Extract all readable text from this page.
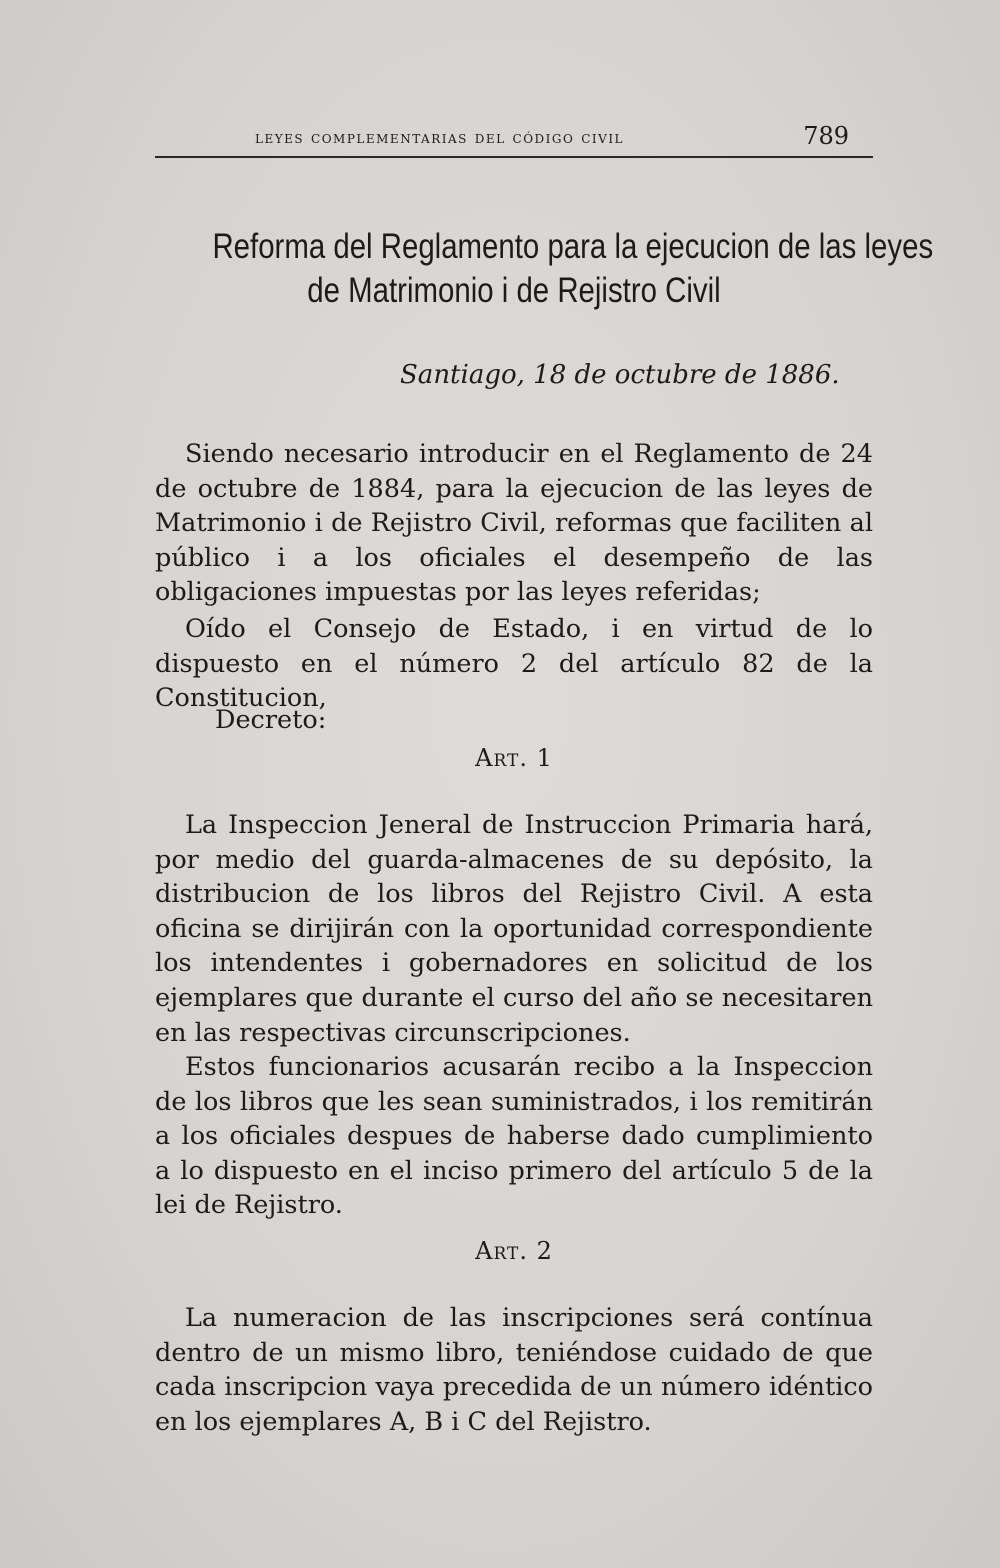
leyes complementarias del código civil	789
Reforma del Reglamento para la ejecucion de las leyes
de Matrimonio i de Rejistro Civil
Santiago, 18 de octubre de 1886.

Siendo necesario introducir en el Reglamento de 24 de octubre de 1884, para la ejecucion de las leyes de Matrimonio i de Rejistro Civil, reformas que faciliten al público i a los oficiales el desempeño de las obligaciones impuestas por las leyes referidas;

Oído el Consejo de Estado, i en virtud de lo dispuesto en el número 2 del artículo 82 de la Constitucion,

Decreto:
Art. 1

La Inspeccion Jeneral de Instruccion Primaria hará, por medio del guarda-almacenes de su depósito, la distribucion de los libros del Rejistro Civil. A esta oficina se dirijirán con la oportunidad correspondiente los intendentes i gobernadores en solicitud de los ejemplares que durante el curso del año se necesitaren en las respectivas circunscripciones.

Estos funcionarios acusarán recibo a la Inspeccion de los libros que les sean suministrados, i los remitirán a los oficiales despues de haberse dado cumplimiento a lo dispuesto en el inciso primero del artículo 5 de la lei de Rejistro.

Art. 2

La numeracion de las inscripciones será contínua dentro de un mismo libro, teniéndose cuidado de que cada inscripcion vaya precedida de un número idéntico en los ejemplares A, B i C del Rejistro.
